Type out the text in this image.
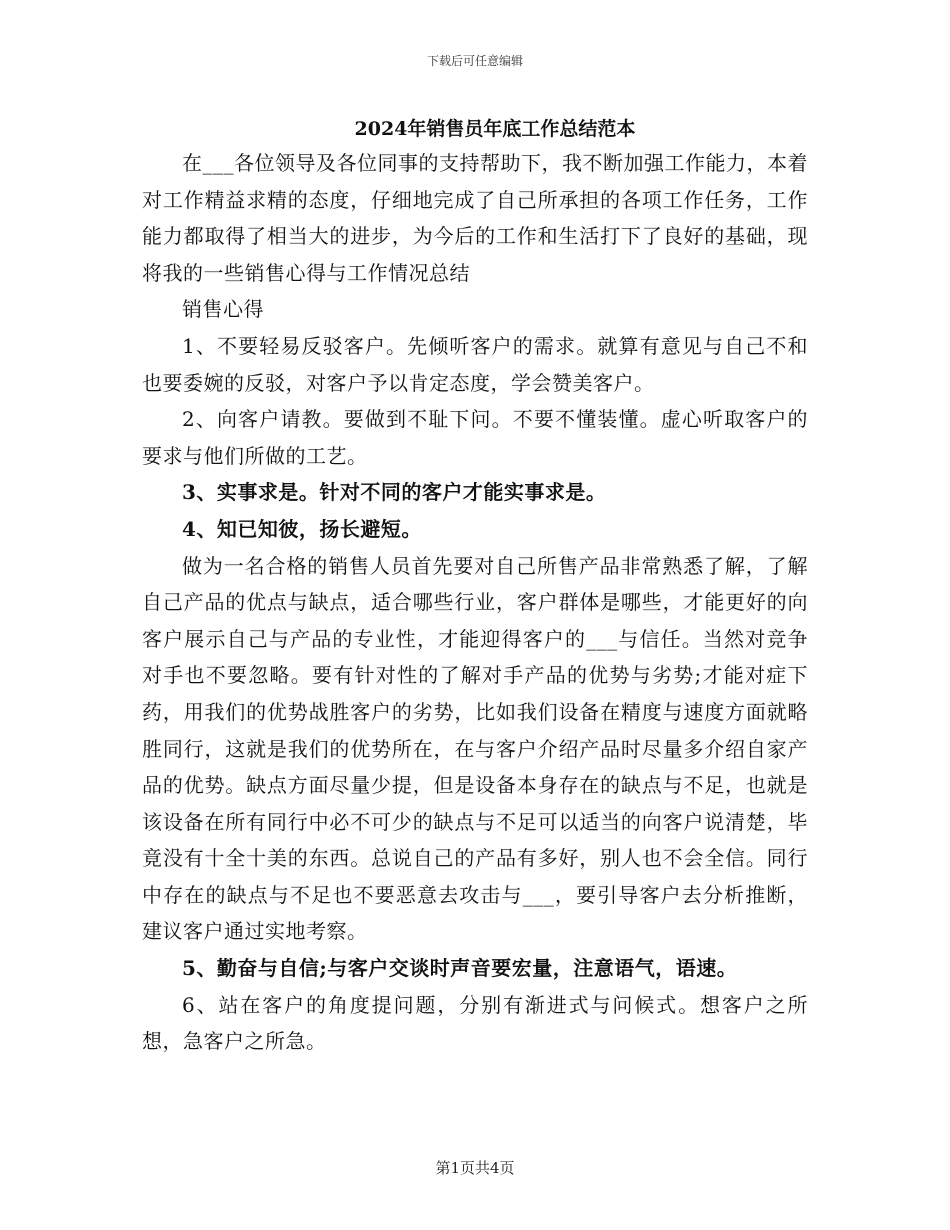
下载后可任意编辑
2024年销售员年底工作总结范本

在___各位领导及各位同事的支持帮助下，我不断加强工作能力，本着对工作精益求精的态度，仔细地完成了自己所承担的各项工作任务，工作能力都取得了相当大的进步，为今后的工作和生活打下了良好的基础，现将我的一些销售心得与工作情况总结

销售心得

1、不要轻易反驳客户。先倾听客户的需求。就算有意见与自己不和也要委婉的反驳，对客户予以肯定态度，学会赞美客户。

2、向客户请教。要做到不耻下问。不要不懂装懂。虚心听取客户的要求与他们所做的工艺。

3、实事求是。针对不同的客户才能实事求是。

4、知已知彼，扬长避短。

做为一名合格的销售人员首先要对自己所售产品非常熟悉了解，了解自己产品的优点与缺点，适合哪些行业，客户群体是哪些，才能更好的向客户展示自己与产品的专业性，才能迎得客户的___与信任。当然对竞争对手也不要忽略。要有针对性的了解对手产品的优势与劣势;才能对症下药，用我们的优势战胜客户的劣势，比如我们设备在精度与速度方面就略胜同行，这就是我们的优势所在，在与客户介绍产品时尽量多介绍自家产品的优势。缺点方面尽量少提，但是设备本身存在的缺点与不足，也就是该设备在所有同行中必不可少的缺点与不足可以适当的向客户说清楚，毕竟没有十全十美的东西。总说自己的产品有多好，别人也不会全信。同行中存在的缺点与不足也不要恶意去攻击与___，要引导客户去分析推断，建议客户通过实地考察。

5、勤奋与自信;与客户交谈时声音要宏量，注意语气，语速。

6、站在客户的角度提问题，分别有渐进式与问候式。想客户之所想，急客户之所急。

第1页共4页
